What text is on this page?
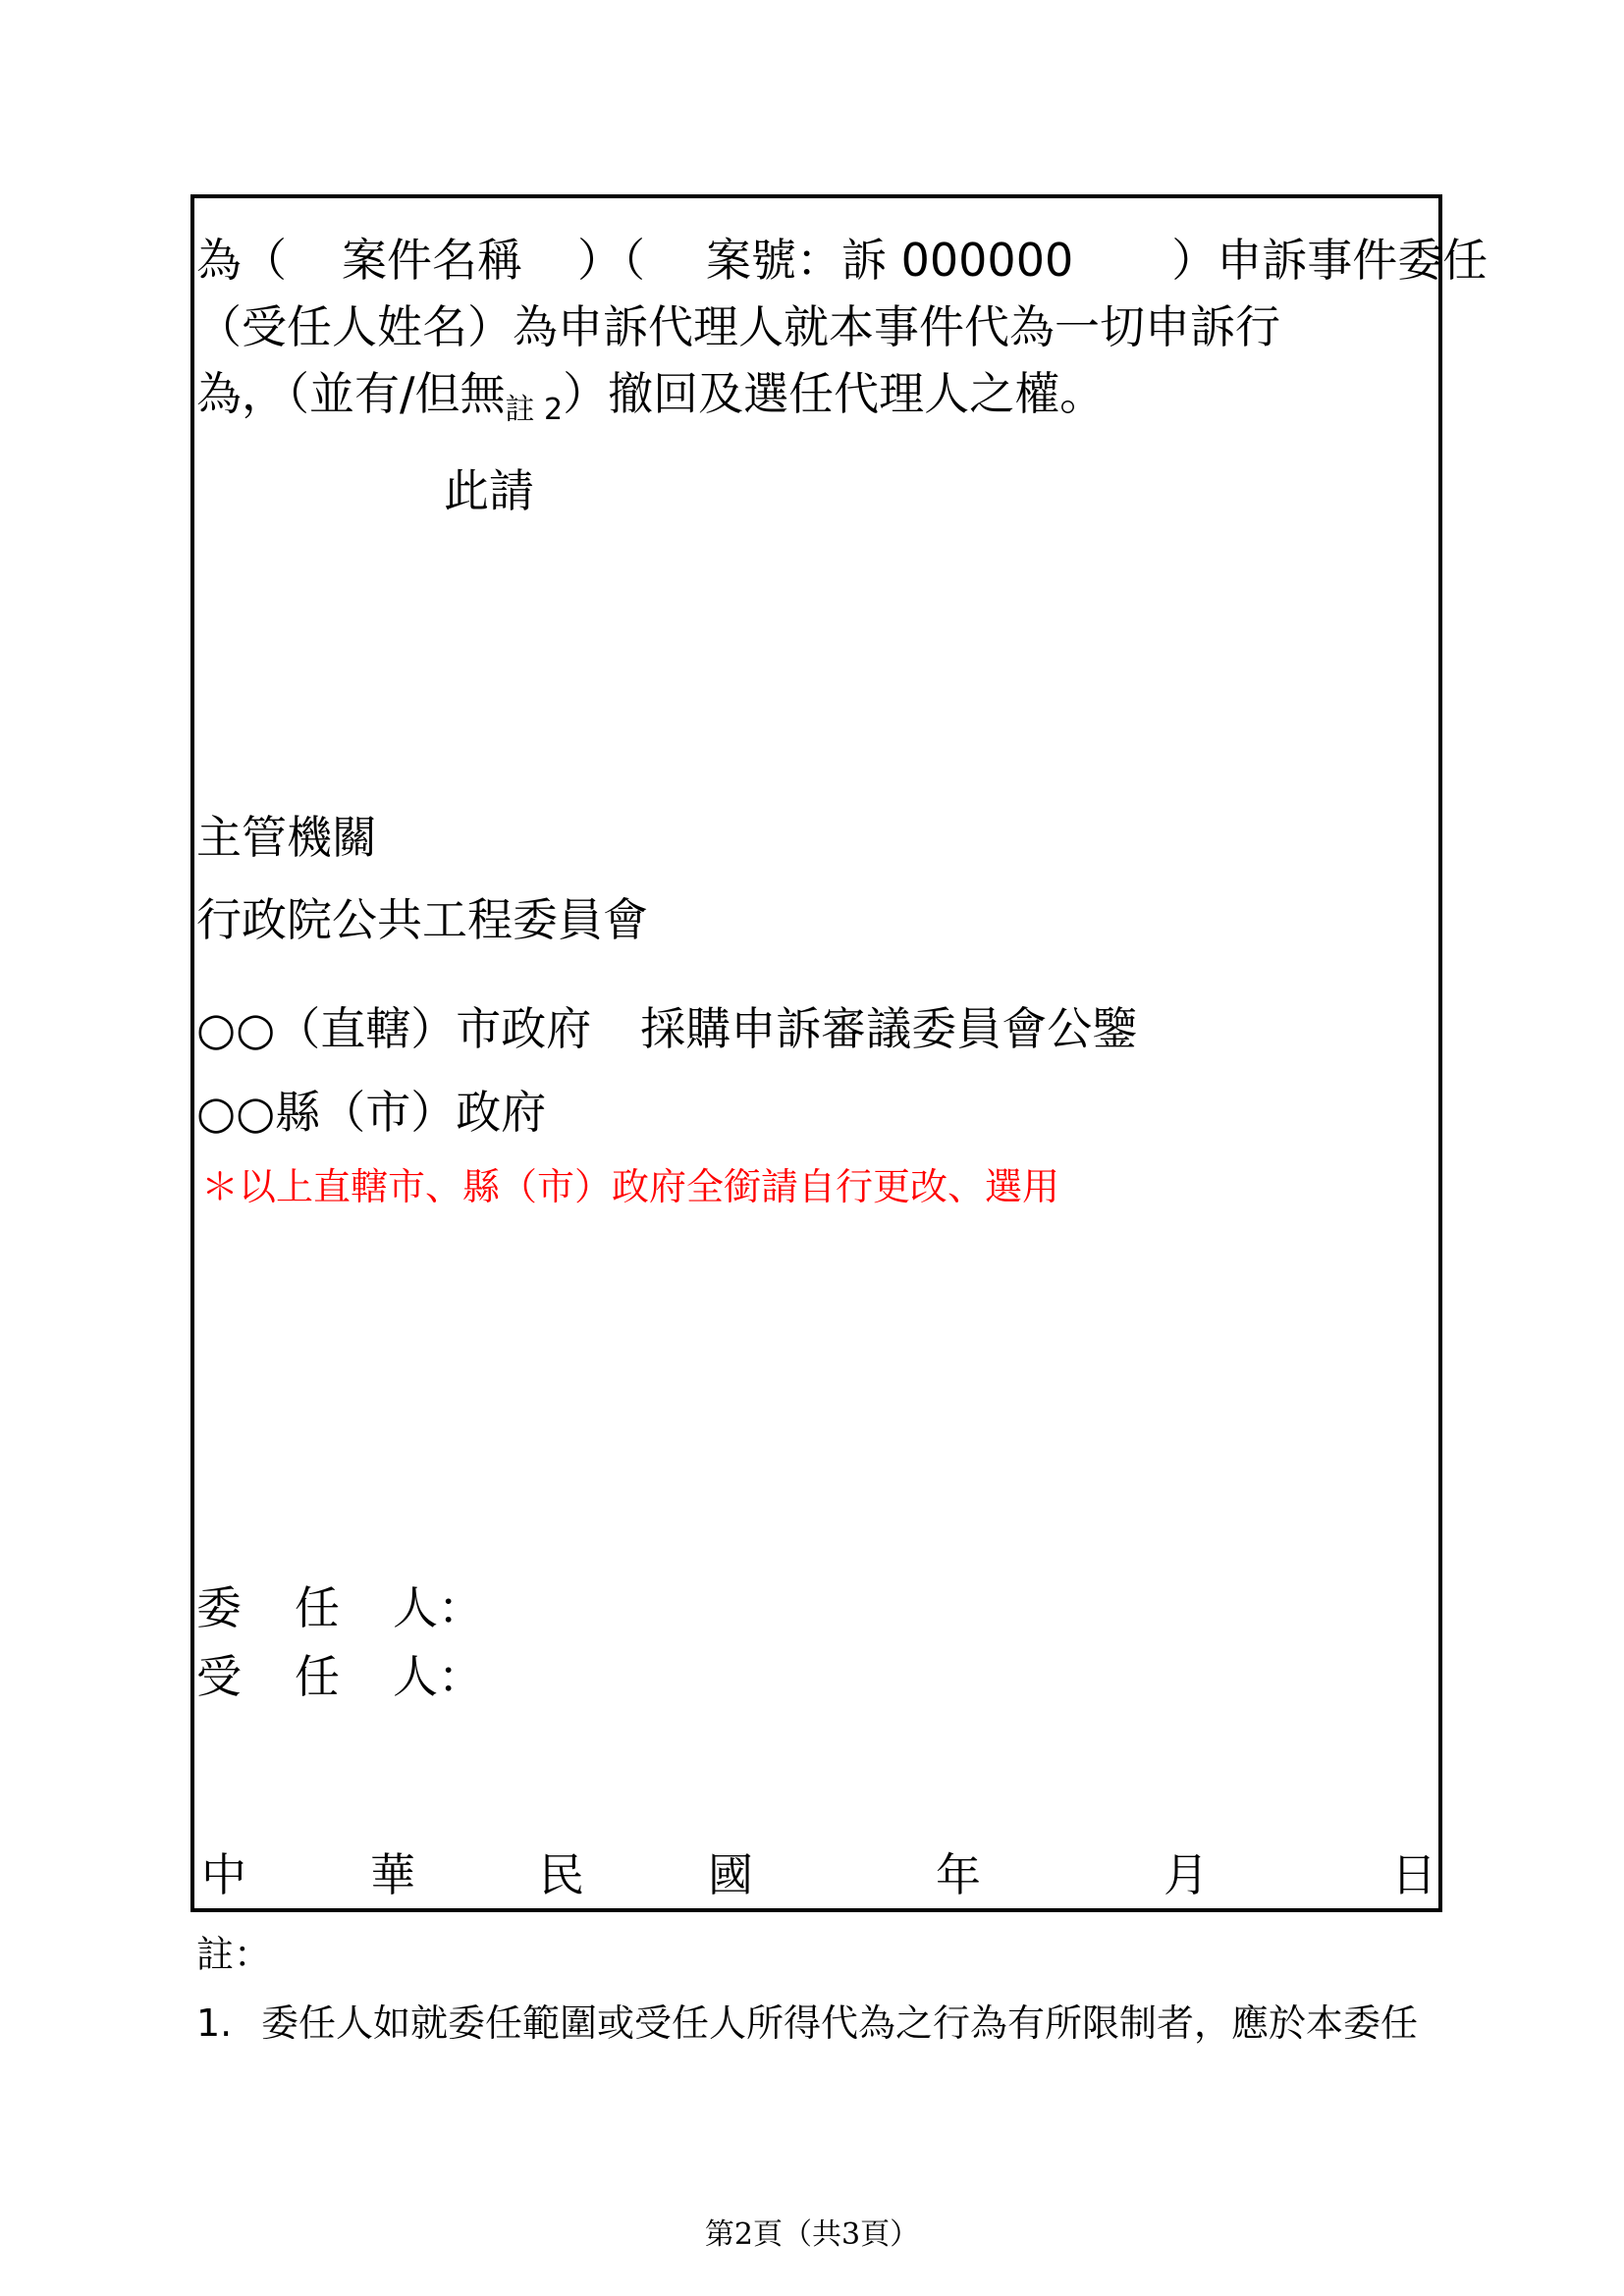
為（ 案件名稱 ）（ 案號：訴 000000 ）申訴事件委任
（受任人姓名）為申訴代理人就本事件代為一切申訴行
為，（並有/但無$_{註 2}$）撤回及選任代理人之權。
此請
主管機關
行政院公共工程委員會
○○（直轄）市政府 採購申訴審議委員會公鑒
○○縣（市）政府
＊以上直轄市、縣（市）政府全銜請自行更改、選用
委 任 人：
受 任 人：
中	華	民	國	年	月	日
註：
1. 委任人如就委任範圍或受任人所得代為之行為有所限制者，應於本委任
第2頁（共3頁）
